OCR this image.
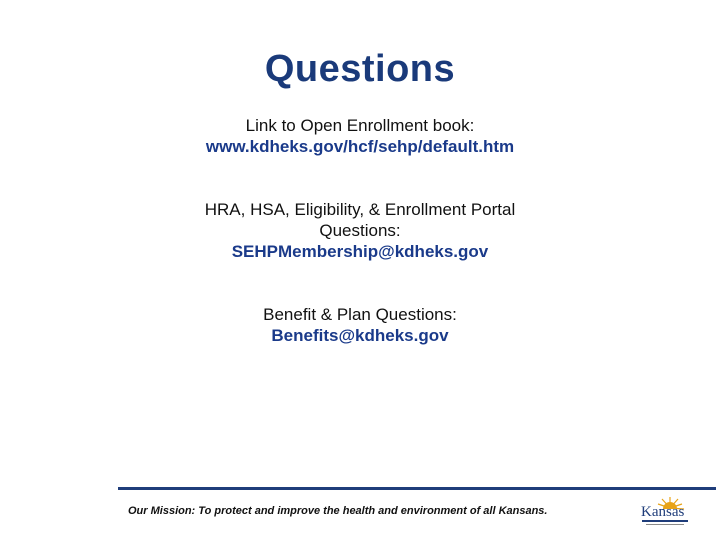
Questions
Link to Open Enrollment book:
www.kdheks.gov/hcf/sehp/default.htm
HRA, HSA, Eligibility, & Enrollment Portal
Questions:
SEHPMembership@kdheks.gov
Benefit & Plan Questions:
Benefits@kdheks.gov
Our Mission: To protect and improve the health and environment of all Kansans.	Kansas
